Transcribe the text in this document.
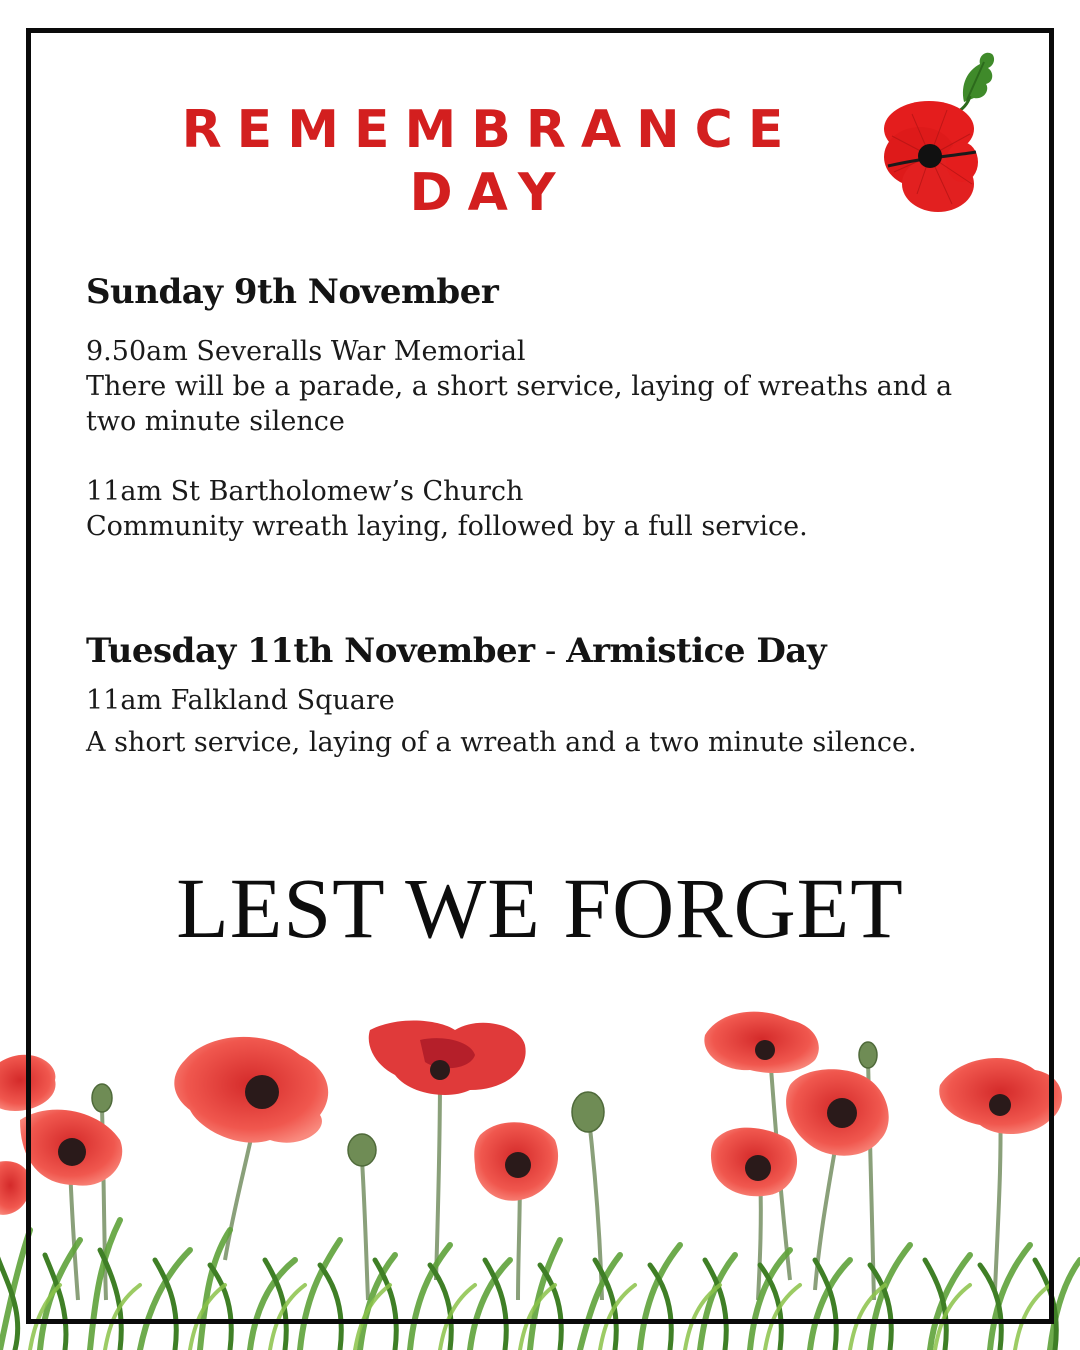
REMEMBRANCE
DAY
Sunday 9th November

9.50am Severalls War Memorial

There will be a parade, a short service, laying of wreaths and a

two minute silence

11am St Bartholomew’s Church

Community wreath laying, followed by a full service.

Tuesday 11th November - Armistice Day

11am Falkland Square

A short service, laying of a wreath and a two minute silence.

LEST WE FORGET
